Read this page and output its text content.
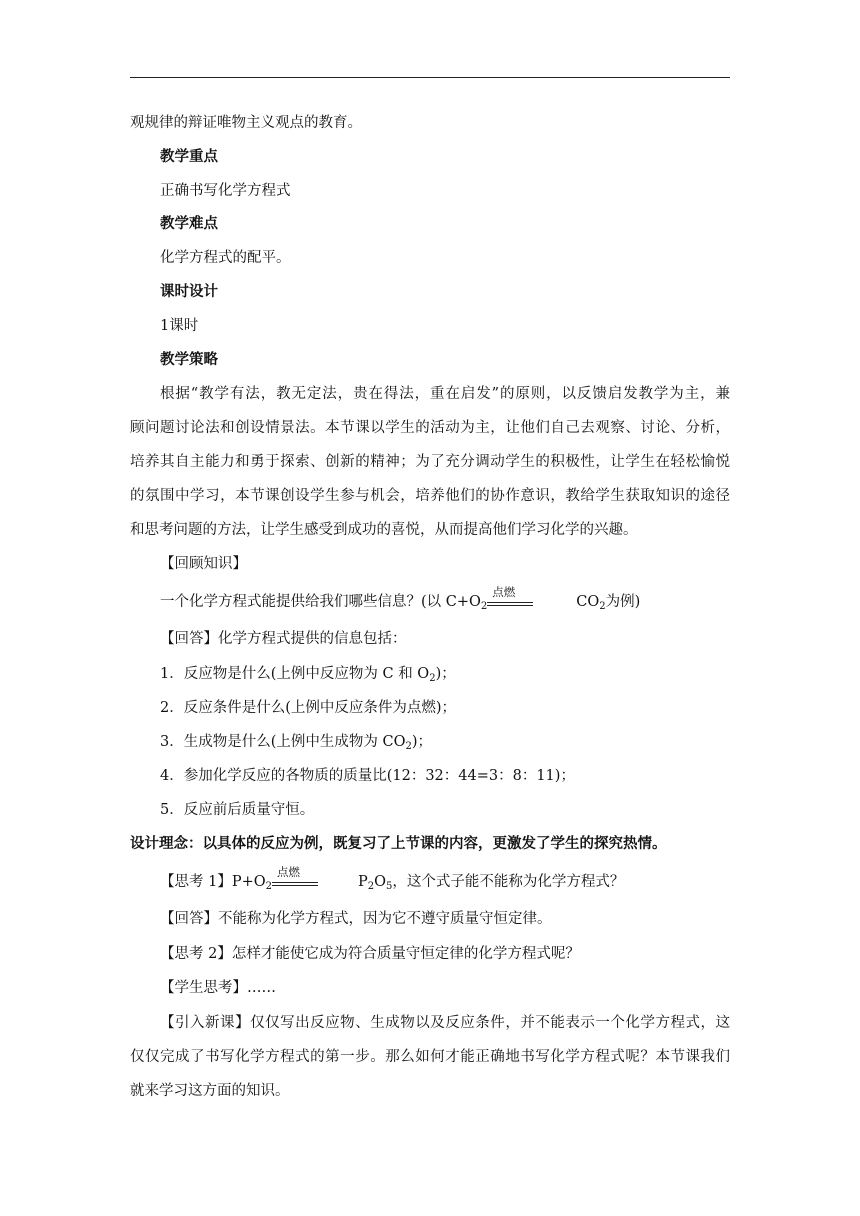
观规律的辩证唯物主义观点的教育。
教学重点
正确书写化学方程式
教学难点
化学方程式的配平。
课时设计
1课时
教学策略
根据“教学有法，教无定法，贵在得法，重在启发”的原则，以反馈启发教学为主，兼
顾问题讨论法和创设情景法。本节课以学生的活动为主，让他们自己去观察、讨论、分析，
培养其自主能力和勇于探索、创新的精神；为了充分调动学生的积极性，让学生在轻松愉悦
的氛围中学习，本节课创设学生参与机会，培养他们的协作意识，教给学生获取知识的途径
和思考问题的方法，让学生感受到成功的喜悦，从而提高他们学习化学的兴趣。
【回顾知识】
一个化学方程式能提供给我们哪些信息？(以 $C+O_2$
点燃
$CO_2$为例)
【回答】化学方程式提供的信息包括：
1．反应物是什么(上例中反应物为 C 和 $O_2$)；
2．反应条件是什么(上例中反应条件为点燃)；
3．生成物是什么(上例中生成物为 $CO_2$)；
4．参加化学反应的各物质的质量比(12：32：44=3：8：11)；
5．反应前后质量守恒。
设计理念：以具体的反应为例，既复习了上节课的内容，更激发了学生的探究热情。
【思考 1】$P+O_2$
点燃
$P_2O_5$，这个式子能不能称为化学方程式？
【回答】不能称为化学方程式，因为它不遵守质量守恒定律。
【思考 2】怎样才能使它成为符合质量守恒定律的化学方程式呢？
【学生思考】……
【引入新课】仅仅写出反应物、生成物以及反应条件，并不能表示一个化学方程式，这
仅仅完成了书写化学方程式的第一步。那么如何才能正确地书写化学方程式呢？本节课我们
就来学习这方面的知识。
